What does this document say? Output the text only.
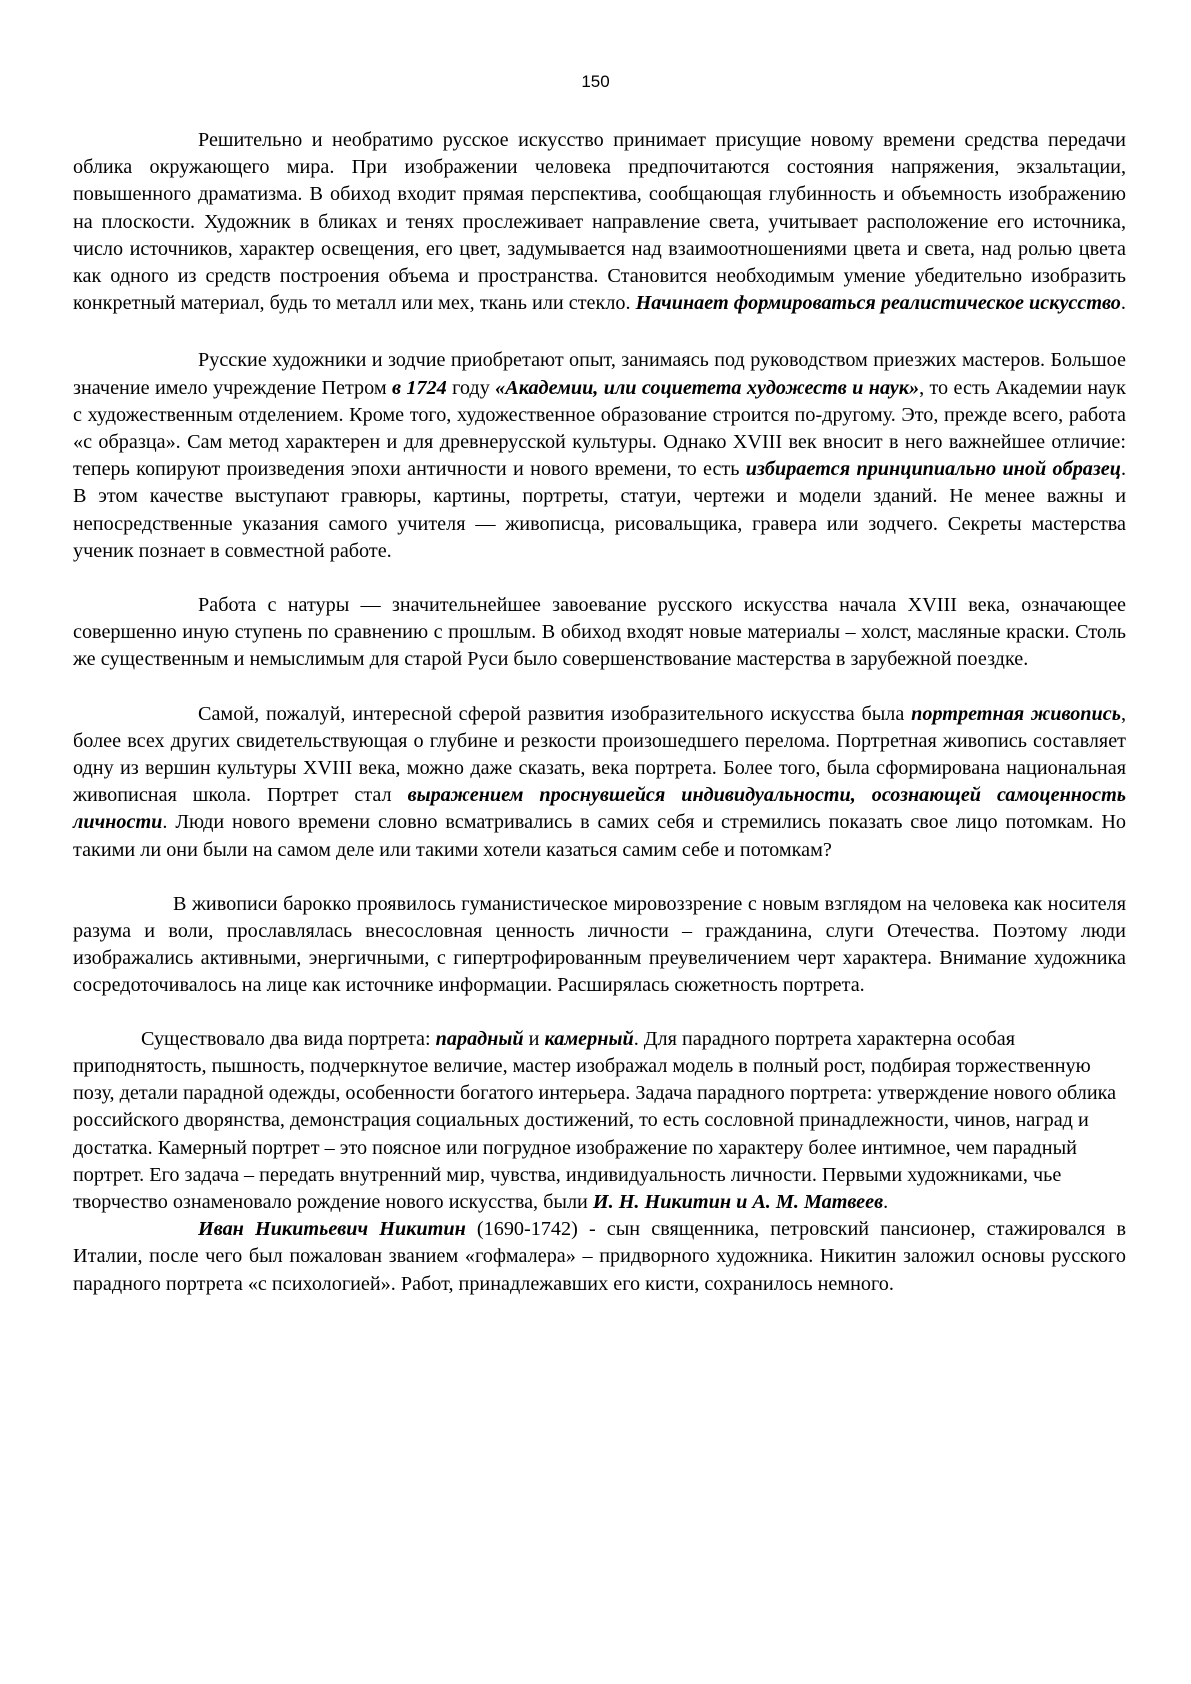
150

Решительно и необратимо русское искусство принимает присущие новому времени средства передачи облика окружающего мира. При изображении человека предпочитаются состояния напряжения, экзальтации, повышенного драматизма. В обиход входит прямая перспектива, сообщающая глубинность и объемность изображению на плоскости. Художник в бликах и тенях прослеживает направление света, учитывает расположение его источника, число источников, характер освещения, его цвет, задумывается над взаимоотношениями цвета и света, над ролью цвета как одного из средств построения объема и пространства. Становится необходимым умение убедительно изобразить конкретный материал, будь то металл или мех, ткань или стекло. Начинает формироваться реалистическое искусство.

Русские художники и зодчие приобретают опыт, занимаясь под руководством приезжих мастеров. Большое значение имело учреждение Петром в 1724 году «Академии, или социетета художеств и наук», то есть Академии наук с художественным отделением. Кроме того, художественное образование строится по-другому. Это, прежде всего, работа «с образца». Сам метод характерен и для древнерусской культуры. Однако XVIII век вносит в него важнейшее отличие: теперь копируют произведения эпохи античности и нового времени, то есть избирается принципиально иной образец. В этом качестве выступают гравюры, картины, портреты, статуи, чертежи и модели зданий. Не менее важны и непосредственные указания самого учителя — живописца, рисовальщика, гравера или зодчего. Секреты мастерства ученик познает в совместной работе.

Работа с натуры — значительнейшее завоевание русского искусства начала XVIII века, означающее совершенно иную ступень по сравнению с прошлым. В обиход входят новые материалы – холст, масляные краски. Столь же существенным и немыслимым для старой Руси было совершенствование мастерства в зарубежной поездке.

Самой, пожалуй, интересной сферой развития изобразительного искусства была портретная живопись, более всех других свидетельствующая о глубине и резкости произошедшего перелома. Портретная живопись составляет одну из вершин культуры XVIII века, можно даже сказать, века портрета. Более того, была сформирована национальная живописная школа. Портрет стал выражением проснувшейся индивидуальности, осознающей самоценность личности. Люди нового времени словно всматривались в самих себя и стремились показать свое лицо потомкам. Но такими ли они были на самом деле или такими хотели казаться самим себе и потомкам?

В живописи барокко проявилось гуманистическое мировоззрение с новым взглядом на человека как носителя разума и воли, прославлялась внесословная ценность личности – гражданина, слуги Отечества. Поэтому люди изображались активными, энергичными, с гипертрофированным преувеличением черт характера. Внимание художника сосредоточивалось на лице как источнике информации. Расширялась сюжетность портрета.

Существовало два вида портрета: парадный и камерный. Для парадного портрета характерна особая приподнятость, пышность, подчеркнутое величие, мастер изображал модель в полный рост, подбирая торжественную позу, детали парадной одежды, особенности богатого интерьера. Задача парадного портрета: утверждение нового облика российского дворянства, демонстрация социальных достижений, то есть сословной принадлежности, чинов, наград и достатка. Камерный портрет – это поясное или погрудное изображение по характеру более интимное, чем парадный портрет. Его задача – передать внутренний мир, чувства, индивидуальность личности. Первыми художниками, чье творчество ознаменовало рождение нового искусства, были И. Н. Никитин и А. М. Матвеев.

Иван Никитьевич Никитин (1690-1742) - сын священника, петровский пансионер, стажировался в Италии, после чего был пожалован званием «гофмалера» – придворного художника. Никитин заложил основы русского парадного портрета «с психологией». Работ, принадлежавших его кисти, сохранилось немного.
